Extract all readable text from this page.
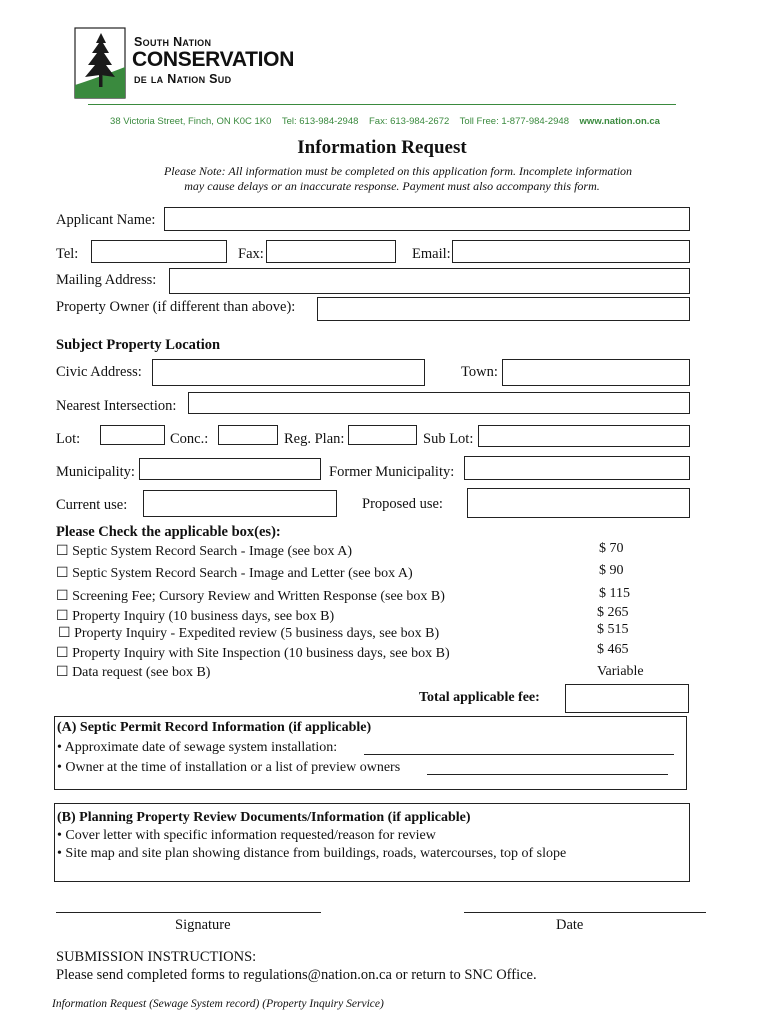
South Nation
CONSERVATION
de la Nation Sud
38 Victoria Street, Finch, ON K0C 1K0 Tel: 613-984-2948 Fax: 613-984-2672 Toll Free: 1-877-984-2948 www.nation.on.ca
Information Request
Please Note: All information must be completed on this application form. Incomplete information
may cause delays or an inaccurate response. Payment must also accompany this form.
Applicant Name:
Tel:	Fax:	Email:
Mailing Address:
Property Owner (if different than above):
Subject Property Location
Civic Address:	Town:
Nearest Intersection:
Lot:	Conc.:	Reg. Plan:	Sub Lot:
Municipality:	Former Municipality:
Current use:	Proposed use:
Please Check the applicable box(es):
☐ Septic System Record Search - Image (see box A)	$ 70
☐ Septic System Record Search - Image and Letter (see box A)	$ 90
☐ Screening Fee; Cursory Review and Written Response (see box B)	$ 115
☐ Property Inquiry (10 business days, see box B)	$ 265
☐ Property Inquiry - Expedited review (5 business days, see box B)	$ 515
☐ Property Inquiry with Site Inspection (10 business days, see box B)	$ 465
☐ Data request (see box B)	Variable
Total applicable fee:
(A) Septic Permit Record Information (if applicable)
• Approximate date of sewage system installation:
• Owner at the time of installation or a list of preview owners
(B) Planning Property Review Documents/Information (if applicable)
• Cover letter with specific information requested/reason for review
• Site map and site plan showing distance from buildings, roads, watercourses, top of slope
Signature	Date
SUBMISSION INSTRUCTIONS:
Please send completed forms to regulations@nation.on.ca or return to SNC Office.
Information Request (Sewage System record) (Property Inquiry Service)
